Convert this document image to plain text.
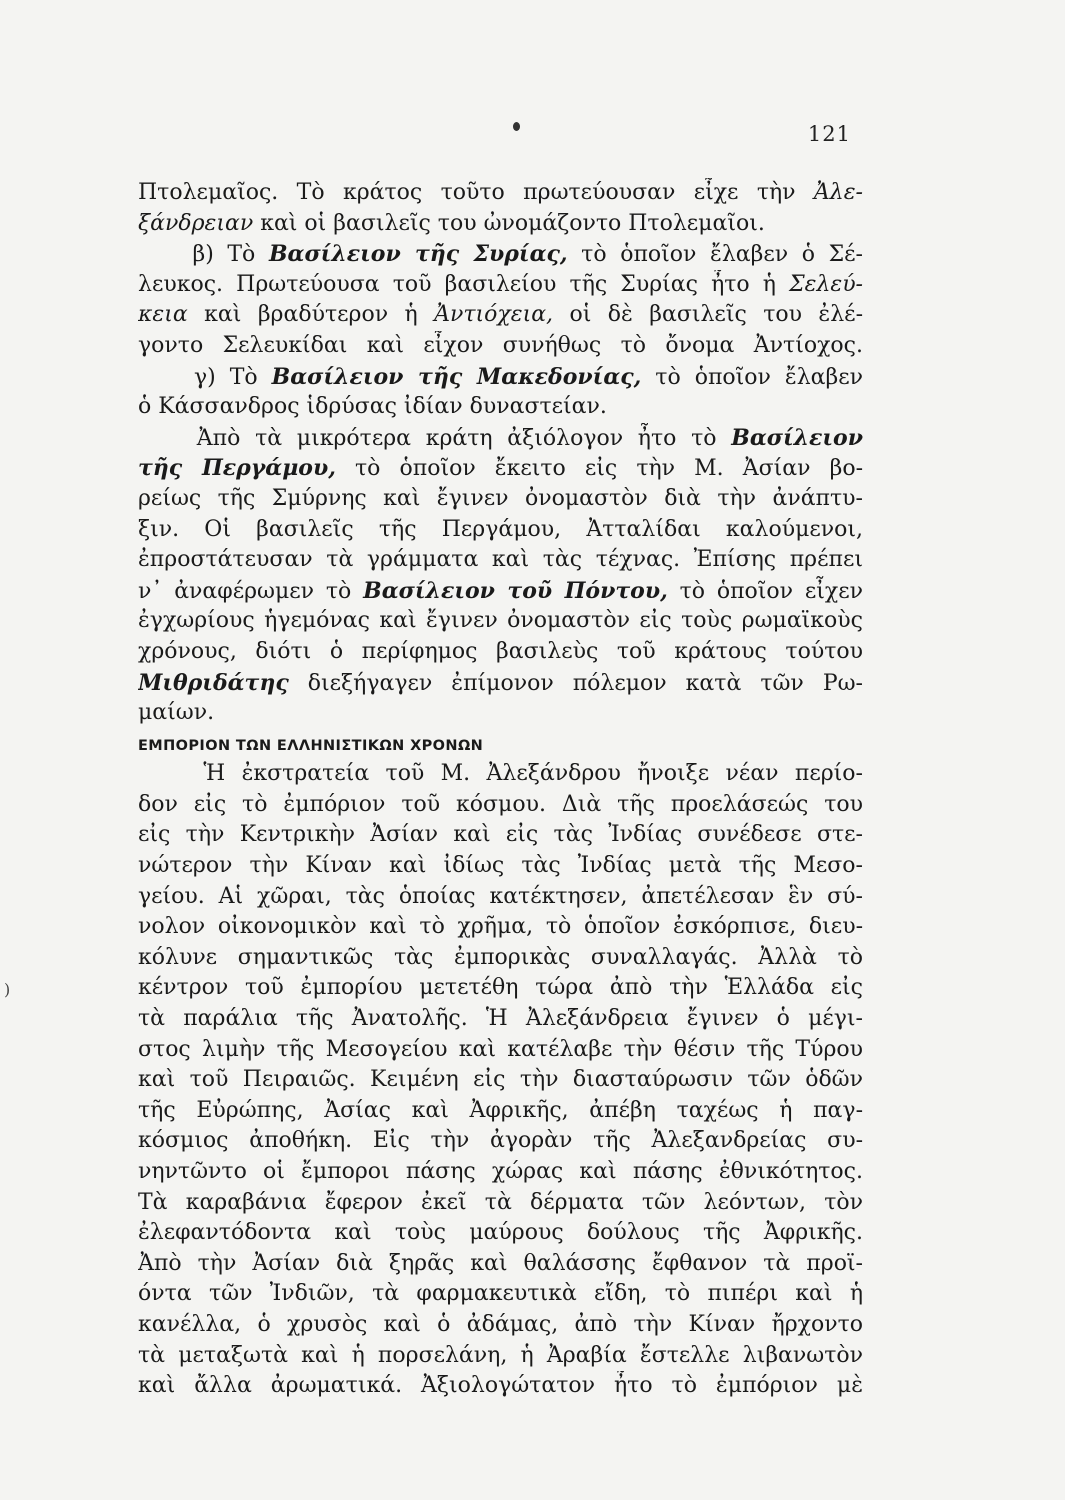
121
)
Πτολεμαῖος. Τὸ κράτος τοῦτο πρωτεύουσαν εἶχε τὴν Ἀλε-
ξάνδρειαν καὶ οἱ βασιλεῖς του ὠνομάζοντο Πτολεμαῖοι.
β) Τὸ Βασίλειον τῆς Συρίας, τὸ ὁποῖον ἔλαβεν ὁ Σέ-
λευκος. Πρωτεύουσα τοῦ βασιλείου τῆς Συρίας ἦτο ἡ Σελεύ-
κεια καὶ βραδύτερον ἡ Ἀντιόχεια, οἱ δὲ βασιλεῖς του ἐλέ-
γοντο Σελευκίδαι καὶ εἶχον συνήθως τὸ ὄνομα Ἀντίοχος.
γ) Τὸ Βασίλειον τῆς Μακεδονίας, τὸ ὁποῖον ἔλαβεν
ὁ Κάσσανδρος ἱδρύσας ἰδίαν δυναστείαν.
Ἀπὸ τὰ μικρότερα κράτη ἀξιόλογον ἦτο τὸ Βασίλειον
τῆς Περγάμου, τὸ ὁποῖον ἔκειτο εἰς τὴν Μ. Ἀσίαν βο-
ρείως τῆς Σμύρνης καὶ ἔγινεν ὀνομαστὸν διὰ τὴν ἀνάπτυ-
ξιν. Οἱ βασιλεῖς τῆς Περγάμου, Ἀτταλίδαι καλούμενοι,
ἐπροστάτευσαν τὰ γράμματα καὶ τὰς τέχνας. Ἐπίσης πρέπει
ν᾿ ἀναφέρωμεν τὸ Βασίλειον τοῦ Πόντου, τὸ ὁποῖον εἶχεν
ἐγχωρίους ἡγεμόνας καὶ ἔγινεν ὀνομαστὸν εἰς τοὺς ρωμαϊκοὺς
χρόνους, διότι ὁ περίφημος βασιλεὺς τοῦ κράτους τούτου
Μιθριδάτης διεξήγαγεν ἐπίμονον πόλεμον κατὰ τῶν Ρω-
μαίων.
ΕΜΠΟΡΙΟΝ ΤΩΝ ΕΛΛΗΝΙΣΤΙΚΩΝ ΧΡΟΝΩΝ
Ἡ ἐκστρατεία τοῦ Μ. Ἀλεξάνδρου ἤνοιξε νέαν περίο-
δον εἰς τὸ ἐμπόριον τοῦ κόσμου. Διὰ τῆς προελάσεώς του
εἰς τὴν Κεντρικὴν Ἀσίαν καὶ εἰς τὰς Ἰνδίας συνέδεσε στε-
νώτερον τὴν Κίναν καὶ ἰδίως τὰς Ἰνδίας μετὰ τῆς Μεσο-
γείου. Αἱ χῶραι, τὰς ὁποίας κατέκτησεν, ἀπετέλεσαν ἓν σύ-
νολον οἰκονομικὸν καὶ τὸ χρῆμα, τὸ ὁποῖον ἐσκόρπισε, διευ-
κόλυνε σημαντικῶς τὰς ἐμπορικὰς συναλλαγάς. Ἀλλὰ τὸ
κέντρον τοῦ ἐμπορίου μετετέθη τώρα ἀπὸ τὴν Ἑλλάδα εἰς
τὰ παράλια τῆς Ἀνατολῆς. Ἡ Ἀλεξάνδρεια ἔγινεν ὁ μέγι-
στος λιμὴν τῆς Μεσογείου καὶ κατέλαβε τὴν θέσιν τῆς Τύρου
καὶ τοῦ Πειραιῶς. Κειμένη εἰς τὴν διασταύρωσιν τῶν ὁδῶν
τῆς Εὐρώπης, Ἀσίας καὶ Ἀφρικῆς, ἀπέβη ταχέως ἡ παγ-
κόσμιος ἀποθήκη. Εἰς τὴν ἀγορὰν τῆς Ἀλεξανδρείας συ-
νηντῶντο οἱ ἔμποροι πάσης χώρας καὶ πάσης ἐθνικότητος.
Τὰ καραβάνια ἔφερον ἐκεῖ τὰ δέρματα τῶν λεόντων, τὸν
ἐλεφαντόδοντα καὶ τοὺς μαύρους δούλους τῆς Ἀφρικῆς.
Ἀπὸ τὴν Ἀσίαν διὰ ξηρᾶς καὶ θαλάσσης ἔφθανον τὰ προϊ-
όντα τῶν Ἰνδιῶν, τὰ φαρμακευτικὰ εἴδη, τὸ πιπέρι καὶ ἡ
κανέλλα, ὁ χρυσὸς καὶ ὁ ἀδάμας, ἀπὸ τὴν Κίναν ἤρχοντο
τὰ μεταξωτὰ καὶ ἡ πορσελάνη, ἡ Ἀραβία ἔστελλε λιβανωτὸν
καὶ ἄλλα ἀρωματικά. Ἀξιολογώτατον ἦτο τὸ ἐμπόριον μὲ
